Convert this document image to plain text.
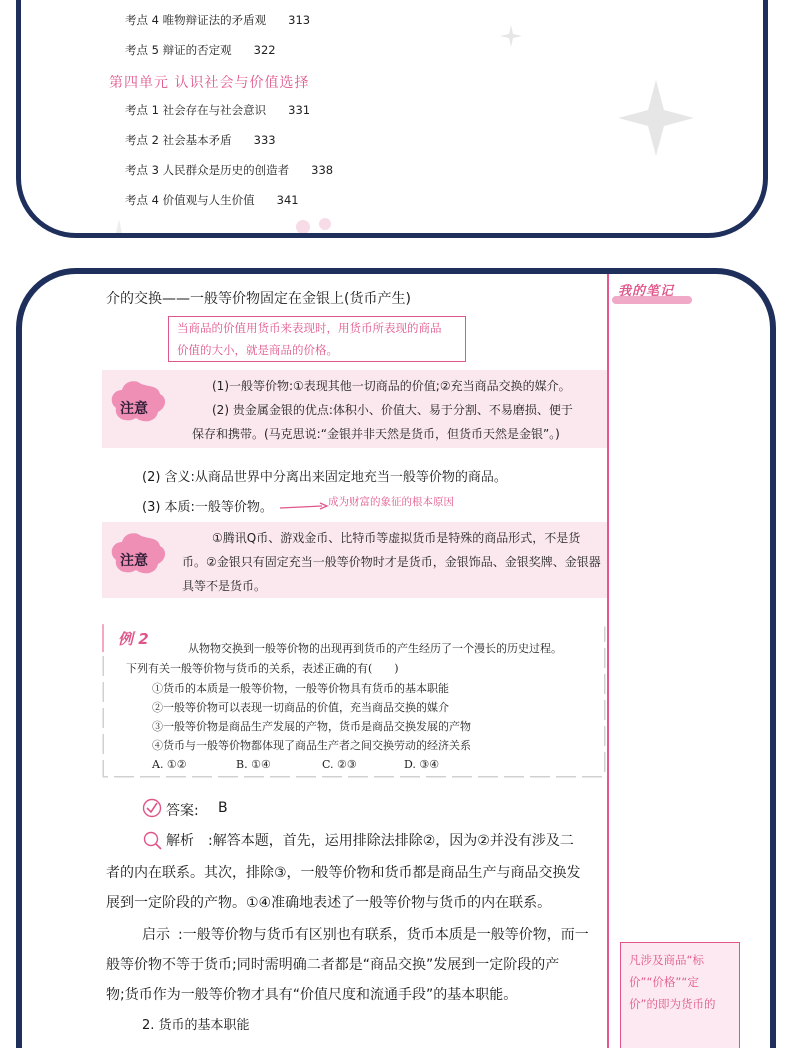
考点 4 唯物辩证法的矛盾观 313
考点 5 辩证的否定观 322
第四单元 认识社会与价值选择
考点 1 社会存在与社会意识 331
考点 2 社会基本矛盾 333
考点 3 人民群众是历史的创造者 338
考点 4 价值观与人生价值 341
我的笔记
介的交换——一般等价物固定在金银上(货币产生)
当商品的价值用货币来表现时，用货币所表现的商品
价值的大小，就是商品的价格。
注意
(1)一般等价物:①表现其他一切商品的价值;②充当商品交换的媒介。
(2) 贵金属金银的优点:体积小、价值大、易于分割、不易磨损、便于
保存和携带。(马克思说:“金银并非天然是货币，但货币天然是金银”。)
(2) 含义:从商品世界中分离出来固定地充当一般等价物的商品。
(3) 本质:一般等价物。	成为财富的象征的根本原因
注意
①腾讯Q币、游戏金币、比特币等虚拟货币是特殊的商品形式，不是货
币。②金银只有固定充当一般等价物时才是货币，金银饰品、金银奖牌、金银器
具等不是货币。
例 2
从物物交换到一般等价物的出现再到货币的产生经历了一个漫长的历史过程。
下列有关一般等价物与货币的关系，表述正确的有(　　)
①货币的本质是一般等价物，一般等价物具有货币的基本职能
②一般等价物可以表现一切商品的价值，充当商品交换的媒介
③一般等价物是商品生产发展的产物，货币是商品交换发展的产物
④货币与一般等价物都体现了商品生产者之间交换劳动的经济关系
A. ①②	B. ①④	C. ②③	D. ③④
答案: B
解析 :解答本题，首先，运用排除法排除②，因为②并没有涉及二
者的内在联系。其次，排除③，一般等价物和货币都是商品生产与商品交换发
展到一定阶段的产物。①④准确地表述了一般等价物与货币的内在联系。
启示 :一般等价物与货币有区别也有联系，货币本质是一般等价物，而一
般等价物不等于货币;同时需明确二者都是“商品交换”发展到一定阶段的产
物;货币作为一般等价物才具有“价值尺度和流通手段”的基本职能。
2. 货币的基本职能
凡涉及商品“标
价”“价格”“定
价”的即为货币的
